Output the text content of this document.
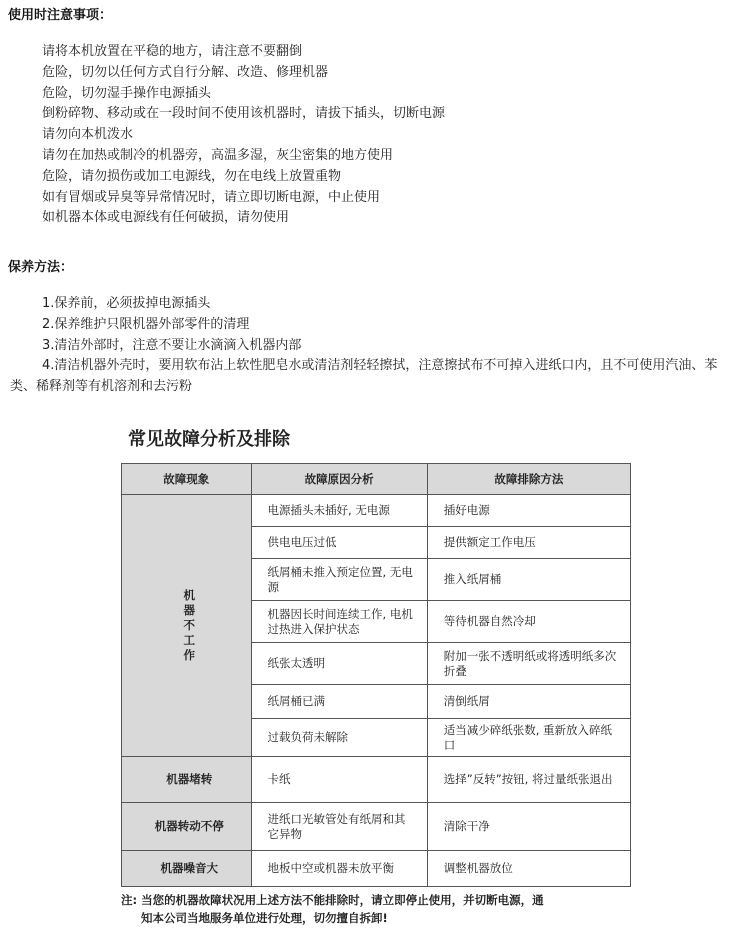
使用时注意事项：
请将本机放置在平稳的地方，请注意不要翻倒
危险，切勿以任何方式自行分解、改造、修理机器
危险，切勿湿手操作电源插头
倒粉碎物、移动或在一段时间不使用该机器时，请拔下插头，切断电源
请勿向本机泼水
请勿在加热或制冷的机器旁，高温多湿，灰尘密集的地方使用
危险，请勿损伤或加工电源线，勿在电线上放置重物
如有冒烟或异臭等异常情况时，请立即切断电源，中止使用
如机器本体或电源线有任何破损，请勿使用
保养方法：
1.保养前，必须拔掉电源插头
2.保养维护只限机器外部零件的清理
3.清洁外部时，注意不要让水滴滴入机器内部
4.清洁机器外壳时，要用软布沾上软性肥皂水或清洁剂轻轻擦拭，注意擦拭布不可掉入进纸口内，且不可使用汽油、苯类、稀释剂等有机溶剂和去污粉
常见故障分析及排除
故障现象	故障原因分析	故障排除方法

机器不工作	电源插头未插好, 无电源	插好电源
	供电电压过低	提供额定工作电压
	纸屑桶未推入预定位置, 无电源	推入纸屑桶
	机器因长时间连续工作, 电机过热进入保护状态	等待机器自然冷却
	纸张太透明	附加一张不透明纸或将透明纸多次折叠
	纸屑桶已满	清倒纸屑
	过载负荷未解除	适当减少碎纸张数, 重新放入碎纸口
机器堵转	卡纸	选择”反转”按钮, 将过量纸张退出
机器转动不停	进纸口光敏管处有纸屑和其它异物	清除干净
机器噪音大	地板中空或机器未放平衡	调整机器放位
注: 当您的机器故障状况用上述方法不能排除时，请立即停止使用，并切断电源，通
知本公司当地服务单位进行处理，切勿擅自拆卸!
